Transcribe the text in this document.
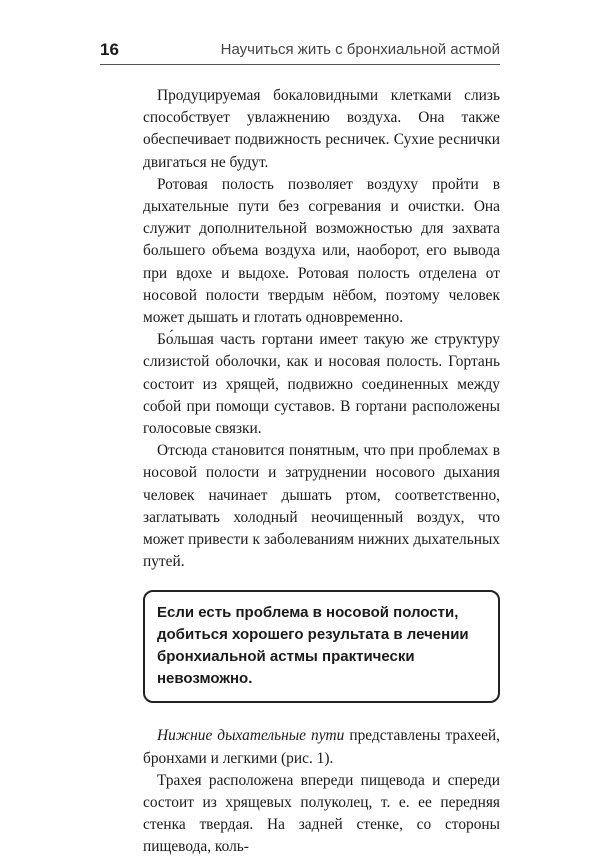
16	Научиться жить с бронхиальной астмой

Продуцируемая бокаловидными клетками слизь способствует увлажнению воздуха. Она также обеспечивает подвижность ресничек. Сухие реснички двигаться не будут.

Ротовая полость позволяет воздуху пройти в дыхательные пути без согревания и очистки. Она служит дополнительной возможностью для захвата большего объема воздуха или, наоборот, его вывода при вдохе и выдохе. Ротовая полость отделена от носовой полости твердым нёбом, поэтому человек может дышать и глотать одновременно.

Бо́льшая часть гортани имеет такую же структуру слизистой оболочки, как и носовая полость. Гортань состоит из хрящей, подвижно соединенных между собой при помощи суставов. В гортани расположены голосовые связки.

Отсюда становится понятным, что при проблемах в носовой полости и затруднении носового дыхания человек начинает дышать ртом, соответственно, заглатывать холодный неочищенный воздух, что может привести к заболеваниям нижних дыхательных путей.

Если есть проблема в носовой полости, добиться хорошего результата в лечении бронхиальной астмы практически невозможно.

Нижние дыхательные пути представлены трахеей, бронхами и легкими (рис. 1).

Трахея расположена впереди пищевода и спереди состоит из хрящевых полуколец, т. е. ее передняя стенка твердая. На задней стенке, со стороны пищевода, коль-
